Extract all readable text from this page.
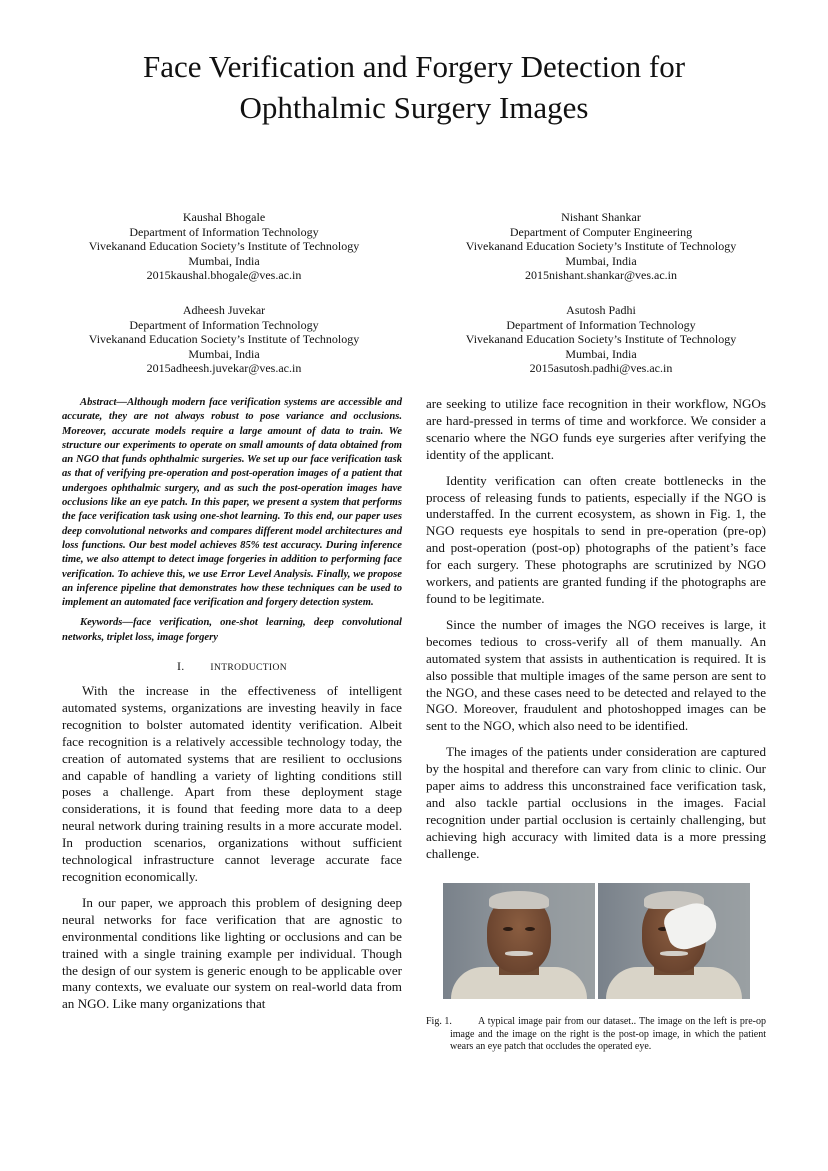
Face Verification and Forgery Detection for
Ophthalmic Surgery Images
Kaushal Bhogale
Department of Information Technology
Vivekanand Education Society’s Institute of Technology
Mumbai, India
2015kaushal.bhogale@ves.ac.in
Nishant Shankar
Department of Computer Engineering
Vivekanand Education Society’s Institute of Technology
Mumbai, India
2015nishant.shankar@ves.ac.in
Adheesh Juvekar
Department of Information Technology
Vivekanand Education Society’s Institute of Technology
Mumbai, India
2015adheesh.juvekar@ves.ac.in
Asutosh Padhi
Department of Information Technology
Vivekanand Education Society’s Institute of Technology
Mumbai, India
2015asutosh.padhi@ves.ac.in

Abstract—Although modern face verification systems are accessible and accurate, they are not always robust to pose variance and occlusions. Moreover, accurate models require a large amount of data to train. We structure our experiments to operate on small amounts of data obtained from an NGO that funds ophthalmic surgeries. We set up our face verification task as that of verifying pre-operation and post-operation images of a patient that undergoes ophthalmic surgery, and as such the post-operation images have occlusions like an eye patch. In this paper, we present a system that performs the face verification task using one-shot learning. To this end, our paper uses deep convolutional networks and compares different model architectures and loss functions. Our best model achieves 85% test accuracy. During inference time, we also attempt to detect image forgeries in addition to performing face verification. To achieve this, we use Error Level Analysis. Finally, we propose an inference pipeline that demonstrates how these techniques can be used to implement an automated face verification and forgery detection system.

Keywords—face verification, one-shot learning, deep convolutional networks, triplet loss, image forgery

I.	INTRODUCTION

With the increase in the effectiveness of intelligent automated systems, organizations are investing heavily in face recognition to bolster automated identity verification. Albeit face recognition is a relatively accessible technology today, the creation of automated systems that are resilient to occlusions and capable of handling a variety of lighting conditions still poses a challenge. Apart from these deployment stage considerations, it is found that feeding more data to a deep neural network during training results in a more accurate model. In production scenarios, organizations without sufficient technological infrastructure cannot leverage accurate face recognition economically.

In our paper, we approach this problem of designing deep neural networks for face verification that are agnostic to environmental conditions like lighting or occlusions and can be trained with a single training example per individual. Though the design of our system is generic enough to be applicable over many contexts, we evaluate our system on real-world data from an NGO. Like many organizations that

are seeking to utilize face recognition in their workflow, NGOs are hard-pressed in terms of time and workforce. We consider a scenario where the NGO funds eye surgeries after verifying the identity of the applicant.

Identity verification can often create bottlenecks in the process of releasing funds to patients, especially if the NGO is understaffed. In the current ecosystem, as shown in Fig. 1, the NGO requests eye hospitals to send in pre-operation (pre-op) and post-operation (post-op) photographs of the patient’s face for each surgery. These photographs are scrutinized by NGO workers, and patients are granted funding if the photographs are found to be legitimate.

Since the number of images the NGO receives is large, it becomes tedious to cross-verify all of them manually. An automated system that assists in authentication is required. It is also possible that multiple images of the same person are sent to the NGO, and these cases need to be detected and relayed to the NGO. Moreover, fraudulent and photoshopped images can be sent to the NGO, which also need to be identified.

The images of the patients under consideration are captured by the hospital and therefore can vary from clinic to clinic. Our paper aims to address this unconstrained face verification task, and also tackle partial occlusions in the images. Facial recognition under partial occlusion is certainly challenging, but achieving high accuracy with limited data is a more pressing challenge.

Fig. 1.	A typical image pair from our dataset.. The image on the left is pre-op image and the image on the right is the post-op image, in which the patient wears an eye patch that occludes the operated eye.
